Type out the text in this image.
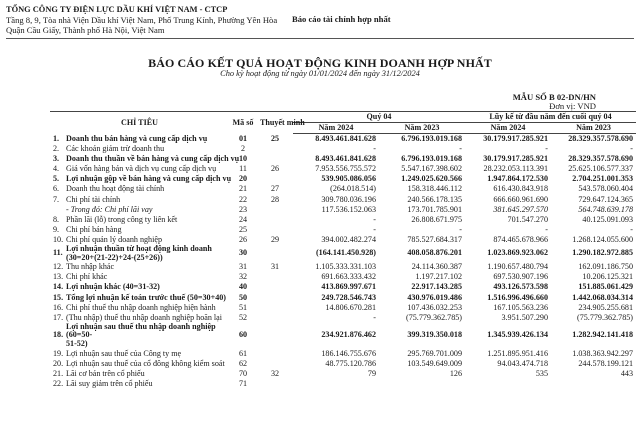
TỔNG CÔNG TY ĐIỆN LỰC DẦU KHÍ VIỆT NAM - CTCP
Tầng 8, 9, Tòa nhà Viện Dầu khí Việt Nam, Phố Trung Kính, Phường Yên Hòa
Quận Cầu Giấy, Thành phố Hà Nội, Việt Nam
Báo cáo tài chính hợp nhất
BÁO CÁO KẾT QUẢ HOẠT ĐỘNG KINH DOANH HỢP NHẤT
Cho kỳ hoạt động từ ngày 01/01/2024 đến ngày 31/12/2024
MẪU SỐ B 02-DN/HN
Đơn vị: VND
CHỈ TIÊU		Mã số	Thuyết minh	Quý 04		Lũy kế từ đầu năm đến cuối quý 04	
				Năm 2024	Năm 2023	Năm 2024	Năm 2023
1.	Doanh thu bán hàng và cung cấp dịch vụ	01	25	8.493.461.841.628	6.796.193.019.168	30.179.917.285.921	28.329.357.578.690
2.	Các khoản giảm trừ doanh thu	2		-	-	-	-
3.	Doanh thu thuần về bán hàng và cung cấp dịch vụ	10		8.493.461.841.628	6.796.193.019.168	30.179.917.285.921	28.329.357.578.690
4.	Giá vốn hàng bán và dịch vụ cung cấp dịch vụ	11	26	7.953.556.755.572	5.547.167.398.602	28.232.053.113.391	25.625.106.577.337
5.	Lợi nhuận gộp về bán hàng và cung cấp dịch vụ	20		539.905.086.056	1.249.025.620.566	1.947.864.172.530	2.704.251.001.353
6.	Doanh thu hoạt động tài chính	21	27	(264.018.514)	158.318.446.112	616.430.843.918	543.578.060.404
7.	Chi phí tài chính	22	28	309.780.036.196	240.566.178.135	666.660.961.690	729.647.124.365
	- Trong đó: Chi phí lãi vay	23		117.536.152.063	173.701.785.901	381.645.297.570	564.748.639.178
8.	Phần lãi (lỗ) trong công ty liên kết	24		-	26.808.671.975	701.547.270	40.125.091.093
9.	Chi phí bán hàng	25		-	-	-	-
10.	Chi phí quản lý doanh nghiệp	26	29	394.002.482.274	785.527.684.317	874.465.678.966	1.268.124.055.600
11.	Lợi nhuận thuần từ hoạt động kinh doanh
(30=20+(21-22)+24-(25+26))	30		(164.141.450.928)	408.058.876.201	1.023.869.923.062	1.290.182.972.885
12.	Thu nhập khác	31	31	1.105.333.331.103	24.114.360.387	1.190.657.480.794	162.091.186.750
13.	Chi phí khác	32		691.663.333.432	1.197.217.102	697.530.907.196	10.206.125.321
14.	Lợi nhuận khác (40=31-32)	40		413.869.997.671	22.917.143.285	493.126.573.598	151.885.061.429
15.	Tổng lợi nhuận kế toán trước thuế (50=30+40)	50		249.728.546.743	430.976.019.486	1.516.996.496.660	1.442.068.034.314
16.	Chi phí thuế thu nhập doanh nghiệp hiện hành	51		14.806.670.281	107.436.032.253	167.105.563.236	234.905.255.681
17.	(Thu nhập) thuế thu nhập doanh nghiệp hoãn lại	52		-	(75.779.362.785)	3.951.507.290	(75.779.362.785)
18.	Lợi nhuận sau thuế thu nhập doanh nghiệp (60=50-
51-52)	60		234.921.876.462	399.319.350.018	1.345.939.426.134	1.282.942.141.418
19.	Lợi nhuận sau thuế của Công ty mẹ	61		186.146.755.676	295.769.701.009	1.251.895.951.416	1.038.363.942.297
20.	Lợi nhuận sau thuế của cổ đông không kiểm soát	62		48.775.120.786	103.549.649.009	94.043.474.718	244.578.199.121
21.	Lãi cơ bản trên cổ phiếu	70	32	79	126	535	443
22.	Lãi suy giảm trên cổ phiếu	71					
